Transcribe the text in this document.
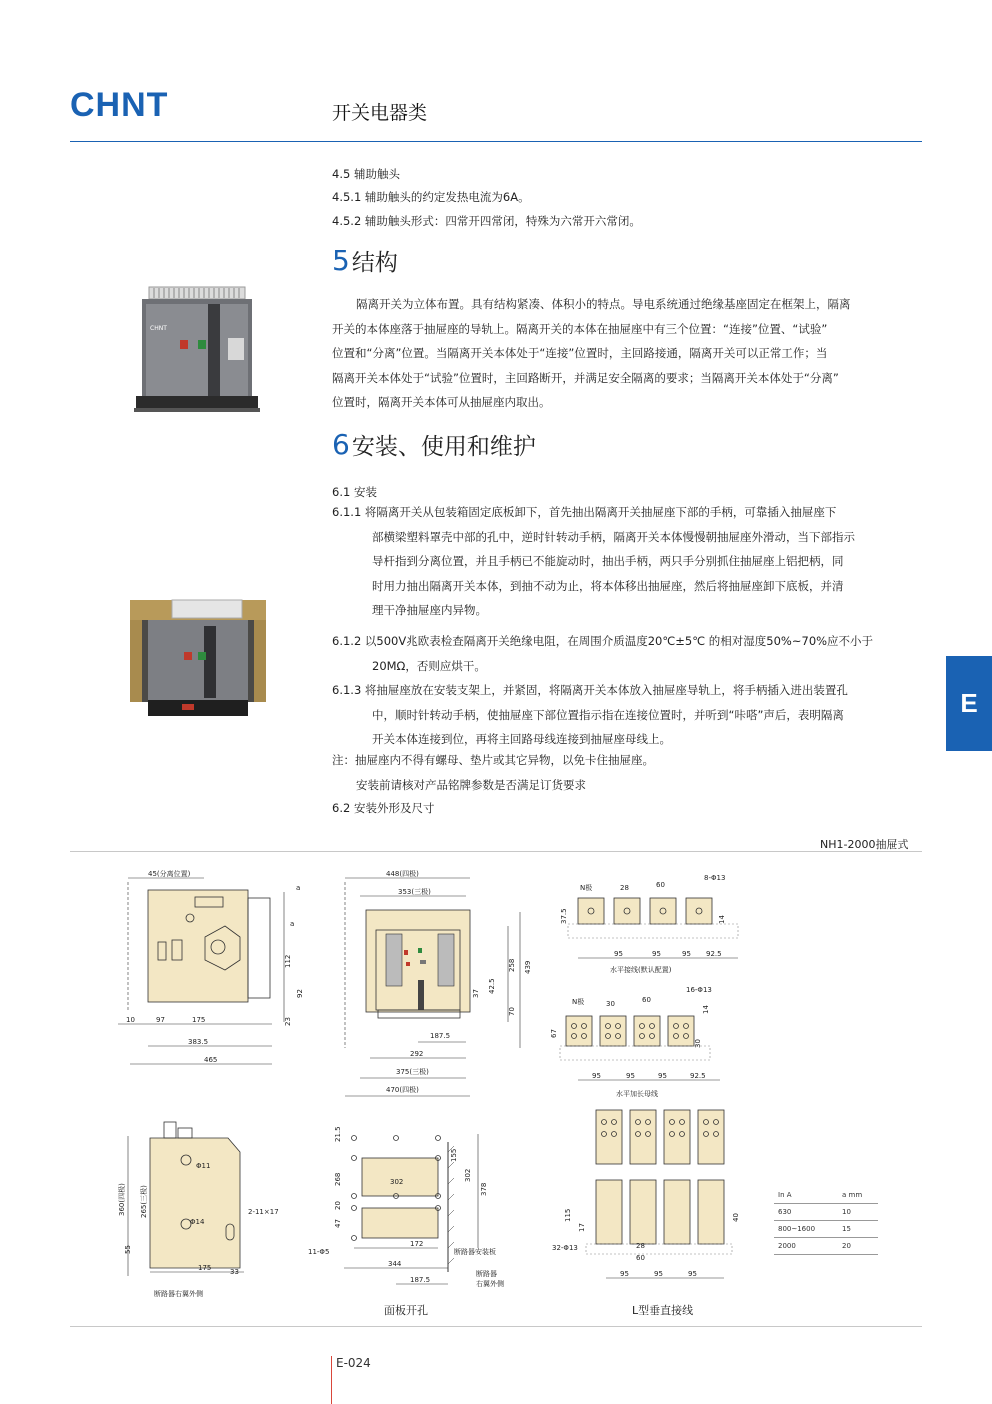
CHNT	开关电器类
4.5 辅助触头
4.5.1 辅助触头的约定发热电流为6A。
4.5.2 辅助触头形式：四常开四常闭，特殊为六常开六常闭。
5结构
隔离开关为立体布置。具有结构紧凑、体积小的特点。导电系统通过绝缘基座固定在框架上，隔离
开关的本体座落于抽屉座的导轨上。隔离开关的本体在抽屉座中有三个位置：“连接”位置、“试验”
位置和“分离”位置。当隔离开关本体处于“连接”位置时，主回路接通，隔离开关可以正常工作；当
隔离开关本体处于“试验”位置时，主回路断开，并满足安全隔离的要求；当隔离开关本体处于“分离”
位置时，隔离开关本体可从抽屉座内取出。
CHNT
6安装、使用和维护
6.1 安装
6.1.1 将隔离开关从包装箱固定底板卸下，首先抽出隔离开关抽屉座下部的手柄，可靠插入抽屉座下
部横梁塑料罩壳中部的孔中，逆时针转动手柄，隔离开关本体慢慢朝抽屉座外滑动，当下部指示
导杆指到分离位置，并且手柄已不能旋动时，抽出手柄，两只手分别抓住抽屉座上铝把柄，同
时用力抽出隔离开关本体，到抽不动为止，将本体移出抽屉座，然后将抽屉座卸下底板，并清
理干净抽屉座内异物。
6.1.2 以500V兆欧表检查隔离开关绝缘电阻，在周围介质温度20℃±5℃ 的相对湿度50%~70%应不小于
20MΩ，否则应烘干。
6.1.3 将抽屉座放在安装支架上，并紧固，将隔离开关本体放入抽屉座导轨上，将手柄插入进出装置孔
中，顺时针转动手柄，使抽屉座下部位置指示指在连接位置时，并听到“咔嗒”声后，表明隔离
开关本体连接到位，再将主回路母线连接到抽屉座母线上。
注：抽屉座内不得有螺母、垫片或其它异物，以免卡住抽屉座。
安装前请核对产品铭牌参数是否满足订货要求
6.2 安装外形及尺寸
E
NH1-2000抽屉式
45(分离位置)
a
a
112
92
23
10	97	175
383.5
465
448(四极)
353(三极)
258 439
37 42.5
70
187.5
292
375(三极)
470(四极)
N极	28	60
8-Φ13
37.5	14
95	95	95 92.5
水平接线(默认配置)
N极	30	60
16-Φ13
14
67
30
95	95	95	92.5
水平加长母线
Φ11
Φ14
2-11×17
360(四极) 265(三极)
55
175	33
断路器右翼外侧
21.5
268
20
47
155
302
378
302
172
344
187.5
11-Φ5	断路器安装板
断路器
右翼外侧
115	40
17
32-Φ13	28
60
95	95	95
面板开孔	L型垂直接线
In A	a mm
630	10
800~1600	15
2000	20
E-024
